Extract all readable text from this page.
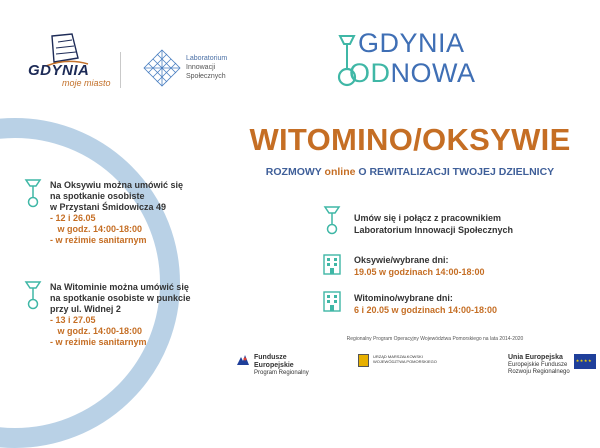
GDYNIA
moje miasto
Laboratorium
Innowacji
Społecznych
GDYNIA
ODNOWA
WITOMINO/OKSYWIE
ROZMOWY online O REWITALIZACJI TWOJEJ DZIELNICY
Umów się i połącz z pracownikiem
Laboratorium Innowacji Społecznych
Oksywie/wybrane dni:
19.05 w godzinach 14:00-18:00
Witomino/wybrane dni:
6 i 20.05 w godzinach 14:00-18:00
Na Oksywiu można umówić się
na spotkanie osobiste
w Przystani Śmidowicza 49
- 12 i 26.05
w godz. 14:00-18:00
- w reżimie sanitarnym
Na Witominie można umówić się
na spotkanie osobiste w punkcie
przy ul. Widnej 2
- 13 i 27.05
w godz. 14:00-18:00
- w reżimie sanitarnym	Regionalny Program Operacyjny Województwa Pomorskiego na lata 2014-2020
Fundusze
Europejskie
Program Regionalny
URZĄD MARSZAŁKOWSKI
WOJEWÓDZTWA POMORSKIEGO
Unia Europejska
Europejskie Fundusze
Rozwoju Regionalnego
★★★★
